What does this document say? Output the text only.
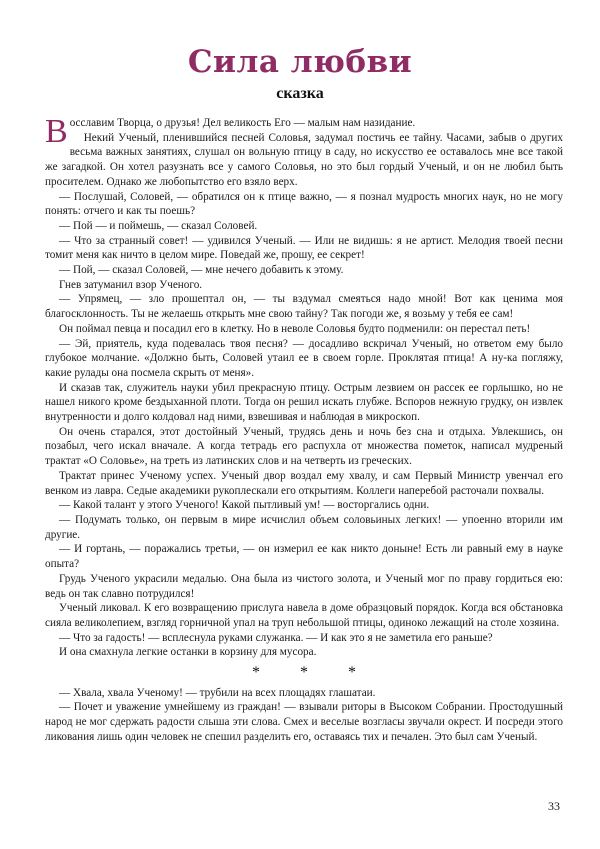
Сила любви
сказка

Восславим Творца, о друзья! Дел великость Его — малым нам назидание.

Некий Ученый, пленившийся песней Соловья, задумал постичь ее тайну. Часами, забыв о других весьма важных занятиях, слушал он вольную птицу в саду, но искусство ее оставалось мне все такой же загадкой. Он хотел разузнать все у самого Соловья, но это был гордый Ученый, и он не любил быть просителем. Однако же любопытство его взяло верх.

— Послушай, Соловей, — обратился он к птице важно, — я познал мудрость многих наук, но не могу понять: отчего и как ты поешь?

— Пой — и поймешь, — сказал Соловей.

— Что за странный совет! — удивился Ученый. — Или не видишь: я не артист. Мелодия твоей песни томит меня как ничто в целом мире. Поведай же, прошу, ее секрет!

— Пой, — сказал Соловей, — мне нечего добавить к этому.

Гнев затуманил взор Ученого.

— Упрямец, — зло прошептал он, — ты вздумал смеяться надо мной! Вот как ценима моя благосклонность. Ты не желаешь открыть мне свою тайну? Так погоди же, я возьму у тебя ее сам!

Он поймал певца и посадил его в клетку. Но в неволе Соловья будто подменили: он перестал петь!

— Эй, приятель, куда подевалась твоя песня? — досадливо вскричал Ученый, но ответом ему было глубокое молчание. «Должно быть, Соловей утаил ее в своем горле. Проклятая птица! А ну-ка погляжу, какие рулады она посмела скрыть от меня».

И сказав так, служитель науки убил прекрасную птицу. Острым лезвием он рассек ее горлышко, но не нашел никого кроме бездыханной плоти. Тогда он решил искать глубже. Вспоров нежную грудку, он извлек внутренности и долго колдовал над ними, взвешивая и наблюдая в микроскоп.

Он очень старался, этот достойный Ученый, трудясь день и ночь без сна и отдыха. Увлекшись, он позабыл, чего искал вначале. А когда тетрадь его распухла от множества пометок, написал мудреный трактат «О Соловье», на треть из латинских слов и на четверть из греческих.

Трактат принес Ученому успех. Ученый двор воздал ему хвалу, и сам Первый Министр увенчал его венком из лавра. Седые академики рукоплескали его открытиям. Коллеги наперебой расточали похвалы.

— Какой талант у этого Ученого! Какой пытливый ум! — восторгались одни.

— Подумать только, он первым в мире исчислил объем соловьиных легких! — упоенно вторили им другие.

— И гортань, — поражались третьи, — он измерил ее как никто доныне! Есть ли равный ему в науке опыта?

Грудь Ученого украсили медалью. Она была из чистого золота, и Ученый мог по праву гордиться ею: ведь он так славно потрудился!

Ученый ликовал. К его возвращению прислуга навела в доме образцовый порядок. Когда вся обстановка сияла великолепием, взгляд горничной упал на труп небольшой птицы, одиноко лежащий на столе хозяина.

— Что за гадость! — всплеснула руками служанка. — И как это я не заметила его раньше?

И она смахнула легкие останки в корзину для мусора.

* * *

— Хвала, хвала Ученому! — трубили на всех площадях глашатаи.

— Почет и уважение умнейшему из граждан! — взывали риторы в Высоком Собрании. Простодушный народ не мог сдержать радости слыша эти слова. Смех и веселые возгласы звучали окрест. И посреди этого ликования лишь один человек не спешил разделить его, оставаясь тих и печален. Это был сам Ученый.

33
